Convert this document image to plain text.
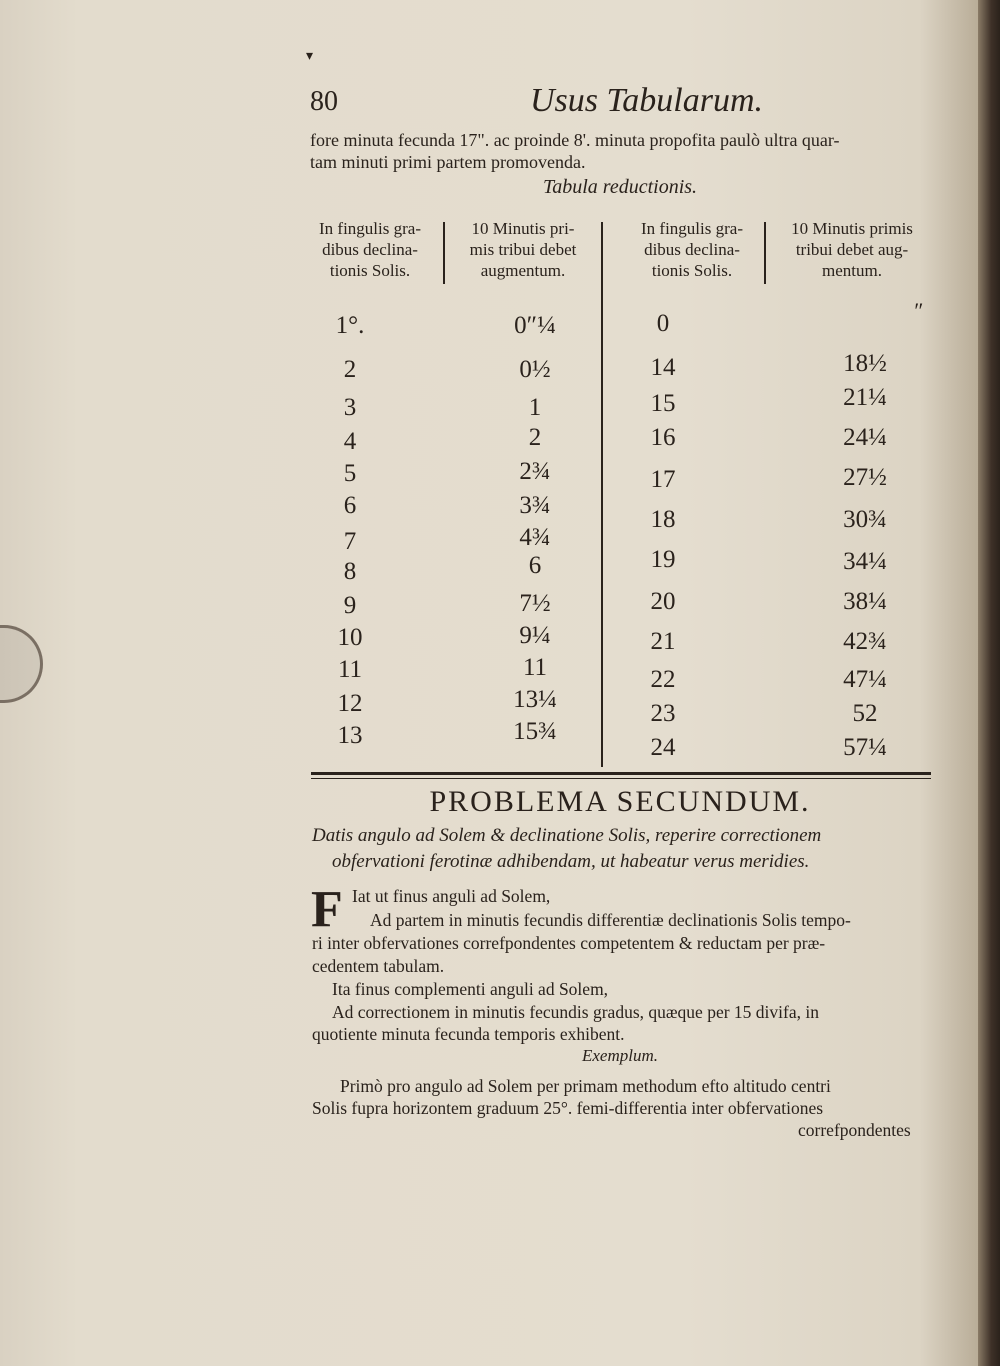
▾
80	Usus Tabularum.
fore minuta fecunda 17". ac proinde 8'. minuta propofita paulò ultra quar-
tam minuti primi partem promovenda.
Tabula reductionis.
In fingulis gra-
dibus declina-
tionis Solis.
10 Minutis pri-
mis tribui debet
augmentum.
In fingulis gra-
dibus declina-
tionis Solis.
10 Minutis primis
tribui debet aug-
mentum.
″
1°.	0″¼
2	0½
3	1
4	2
5	2¾
6	3¾
7	4¾
8	6
9	7½
10	9¼
11	11
12	13¼
13	15¾
0
14	18½
15	21¼
16	24¼
17	27½
18	30¾
19	34¼
20	38¼
21	42¾
22	47¼
23	52
24	57¼
PROBLEMA SECUNDUM.
Datis angulo ad Solem & declinatione Solis, reperire correctionem
obfervationi ferotinæ adhibendam, ut habeatur verus meridies.
F Iat ut finus anguli ad Solem,
Ad partem in minutis fecundis differentiæ declinationis Solis tempo-
ri inter obfervationes correfpondentes competentem & reductam per præ-
cedentem tabulam.
Ita finus complementi anguli ad Solem,
Ad correctionem in minutis fecundis gradus, quæque per 15 divifa, in
quotiente minuta fecunda temporis exhibent.
Exemplum.
Primò pro angulo ad Solem per primam methodum efto altitudo centri
Solis fupra horizontem graduum 25°. femi-differentia inter obfervationes
correfpondentes
